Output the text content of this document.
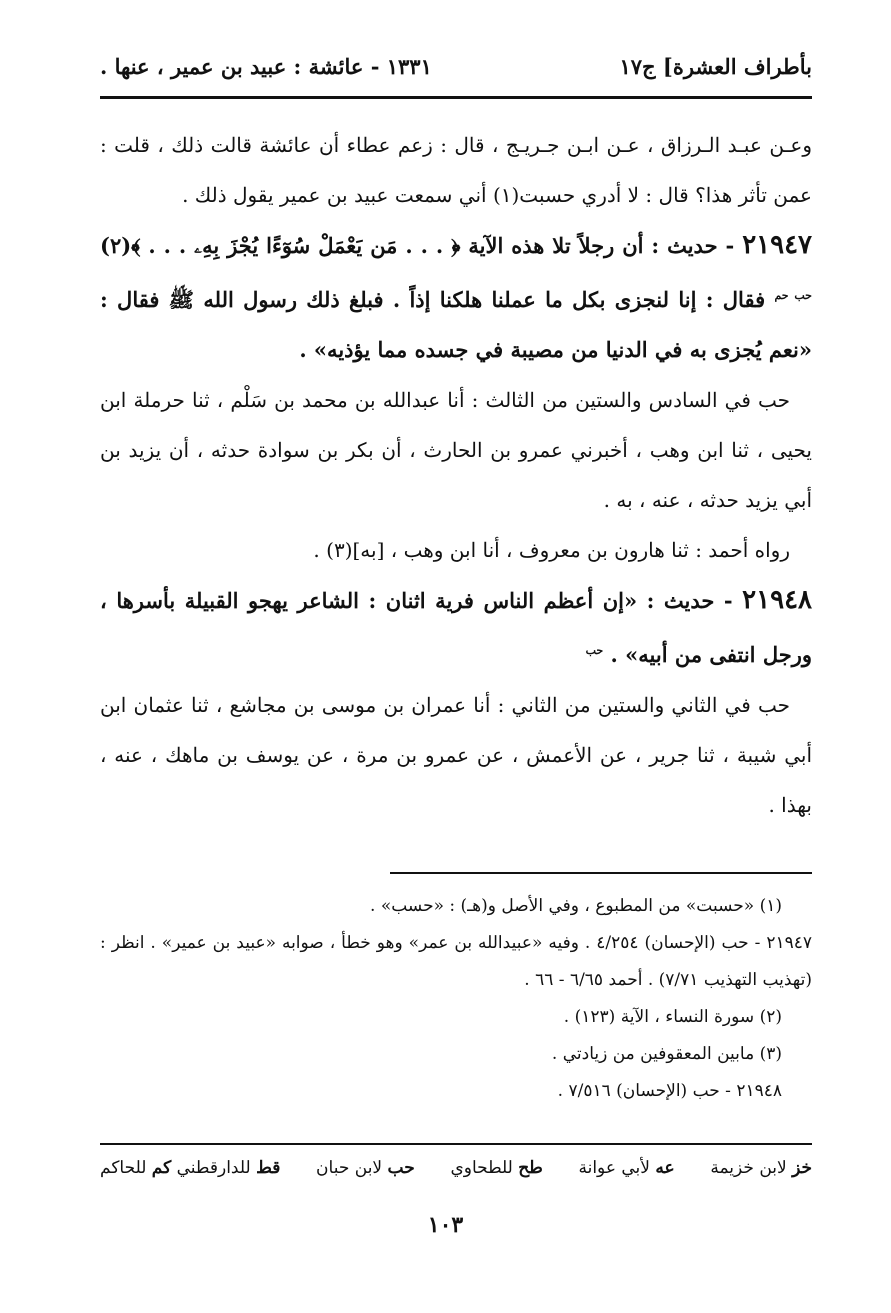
بأطراف العشرة] ج١٧
١٣٣١ - عائشة : عبيد بن عمير ، عنها .

وعـن عبـد الـرزاق ، عـن ابـن جـريـج ، قال : زعم عطاء أن عائشة قالت ذلك ، قلت : عمن تأثر هذا؟ قال : لا أدري حسبت(١) أني سمعت عبيد بن عمير يقول ذلك .

٢١٩٤٧ - حديث : أن رجلاً تلا هذه الآية ﴿ . . . مَن يَعْمَلْ سُوٓءًا يُجْزَ بِهِۦ . . . ﴾(٢) $^{حب حم}$ فقال : إنا لنجزى بكل ما عملنا هلكنا إذاً . فبلغ ذلك رسول الله ﷺ فقال : «نعم يُجزى به في الدنيا من مصيبة في جسده مما يؤذيه» .

حب في السادس والستين من الثالث : أنا عبدالله بن محمد بن سَلْم ، ثنا حرملة ابن يحيى ، ثنا ابن وهب ، أخبرني عمرو بن الحارث ، أن بكر بن سوادة حدثه ، أن يزيد بن أبي يزيد حدثه ، عنه ، به .

رواه أحمد : ثنا هارون بن معروف ، أنا ابن وهب ، [به](٣) .

٢١٩٤٨ - حديث : «إن أعظم الناس فرية اثنان : الشاعر يهجو القبيلة بأسرها ، ورجل انتفى من أبيه» . $^{حب}$

حب في الثاني والستين من الثاني : أنا عمران بن موسى بن مجاشع ، ثنا عثمان ابن أبي شيبة ، ثنا جرير ، عن الأعمش ، عن عمرو بن مرة ، عن يوسف بن ماهك ، عنه ، بهذا .

(١) «حسبت» من المطبوع ، وفي الأصل و(هـ) : «حسب» .

٢١٩٤٧ - حب (الإحسان) ٤/٢٥٤ . وفيه «عبيدالله بن عمر» وهو خطأ ، صوابه «عبيد بن عمير» . انظر : (تهذيب التهذيب ٧/٧١) . أحمد ٦/٦٥ - ٦٦ .

(٢) سورة النساء ، الآية (١٢٣) .

(٣) مابين المعقوفين من زيادتي .

٢١٩٤٨ - حب (الإحسان) ٧/٥١٦ .

خز لابن خزيمة
عه لأبي عوانة
طح للطحاوي
حب لابن حبان
قط للدارقطني كم للحاكم
١٠٣
